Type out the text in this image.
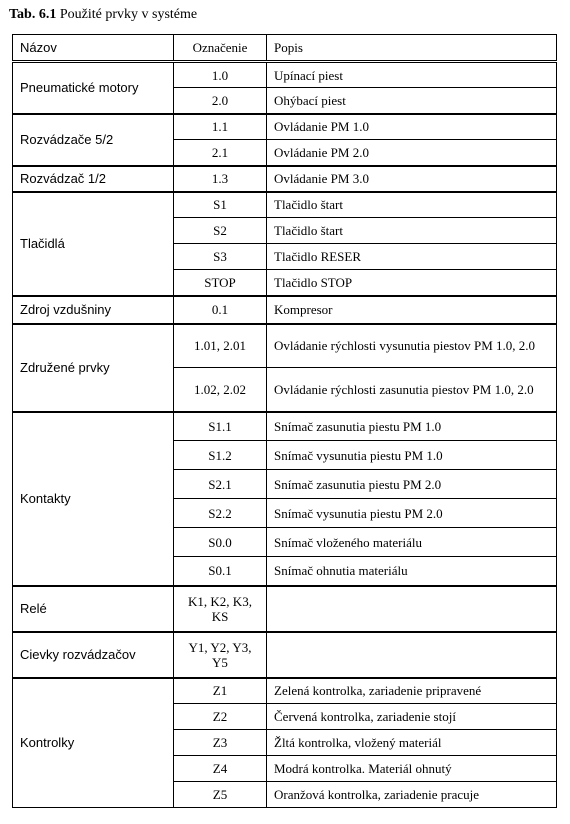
Tab. 6.1 Použité prvky v systéme
Názov	Označenie	Popis
Pneumatické motory	1.0	Upínací piest
	2.0	Ohýbací piest
Rozvádzače 5/2	1.1	Ovládanie PM 1.0
	2.1	Ovládanie PM 2.0
Rozvádzač 1/2	1.3	Ovládanie PM 3.0
Tlačidlá	S1	Tlačidlo štart
	S2	Tlačidlo štart
	S3	Tlačidlo RESER
	STOP	Tlačidlo STOP
Zdroj vzdušniny	0.1	Kompresor
Združené prvky	1.01, 2.01	Ovládanie rýchlosti vysunutia piestov PM 1.0, 2.0
	1.02, 2.02	Ovládanie rýchlosti zasunutia piestov PM 1.0, 2.0
Kontakty	S1.1	Snímač zasunutia piestu PM 1.0
	S1.2	Snímač vysunutia piestu PM 1.0
	S2.1	Snímač zasunutia piestu PM 2.0
	S2.2	Snímač vysunutia piestu PM 2.0
	S0.0	Snímač vloženého materiálu
	S0.1	Snímač ohnutia materiálu
Relé	K1, K2, K3, KS	
Cievky rozvádzačov	Y1, Y2, Y3, Y5	
Kontrolky	Z1	Zelená kontrolka, zariadenie pripravené
	Z2	Červená kontrolka, zariadenie stojí
	Z3	Žltá kontrolka, vložený materiál
	Z4	Modrá kontrolka. Materiál ohnutý
	Z5	Oranžová kontrolka, zariadenie pracuje
